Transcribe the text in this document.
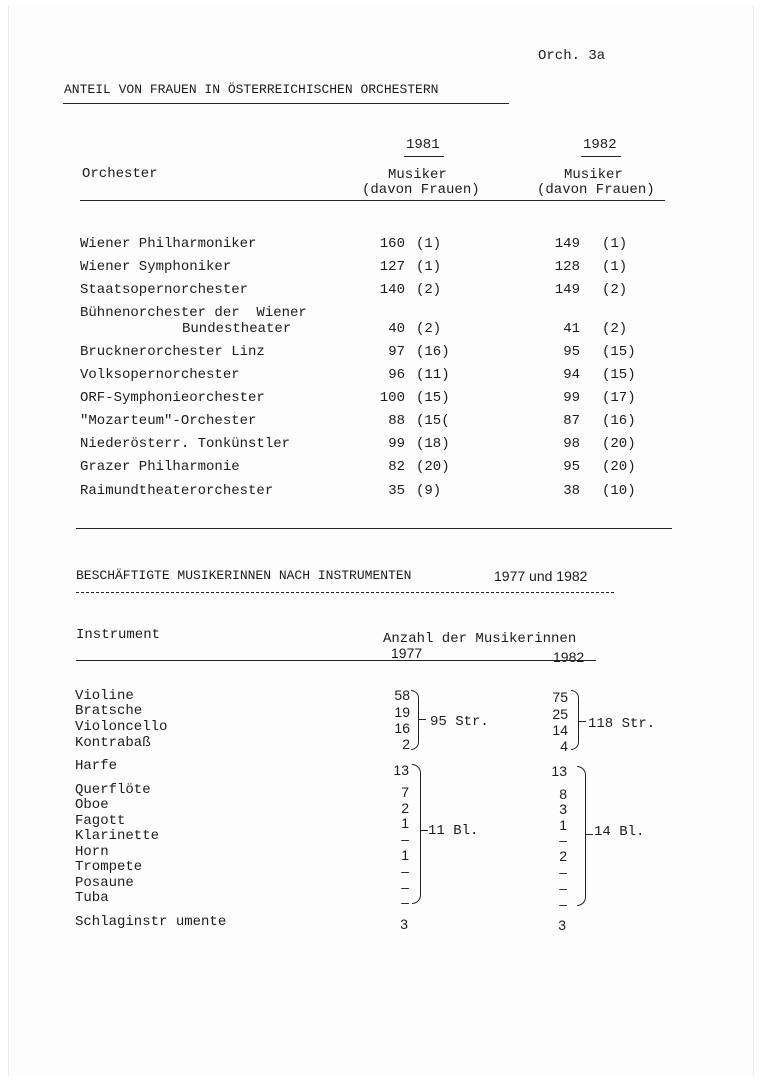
Orch. 3a
ANTEIL VON FRAUEN IN ÖSTERREICHISCHEN ORCHESTERN
1981	1982
Orchester	Musiker
(davon Frauen)
Musiker
(davon Frauen)
Wiener Philharmoniker	160 (1)	149 (1)
Wiener Symphoniker	127 (1)	128 (1)
Staatsopernorchester	140 (2)	149 (2)
Bühnenorchester der  Wiener
Bundestheater	40 (2)	41 (2)
Brucknerorchester Linz	97 (16)	95 (15)
Volksopernorchester	96 (11)	94 (15)
ORF-Symphonieorchester	100 (15)	99 (17)
"Mozarteum"-Orchester	88 (15(	87 (16)
Niederösterr. Tonkünstler	99 (18)	98 (20)
Grazer Philharmonie	82 (20)	95 (20)
Raimundtheaterorchester	35 (9)	38 (10)
BESCHÄFTIGTE MUSIKERINNEN NACH INSTRUMENTEN	1977 und 1982
Instrument	Anzahl der Musikerinnen
1977	1982
Violine	58	75
Bratsche	19	25
Violoncello	16	14
Kontrabaß	2	4
Harfe	13	13
Querflöte	7	8
Oboe	2	3
Fagott	1	1
Klarinette	–	–
Horn	1	2
Trompete	–	–
Posaune	–	–
Tuba	–	–
Schlaginstr umente	3	3
95 Str.	118 Str.
11 Bl.	14 Bl.
